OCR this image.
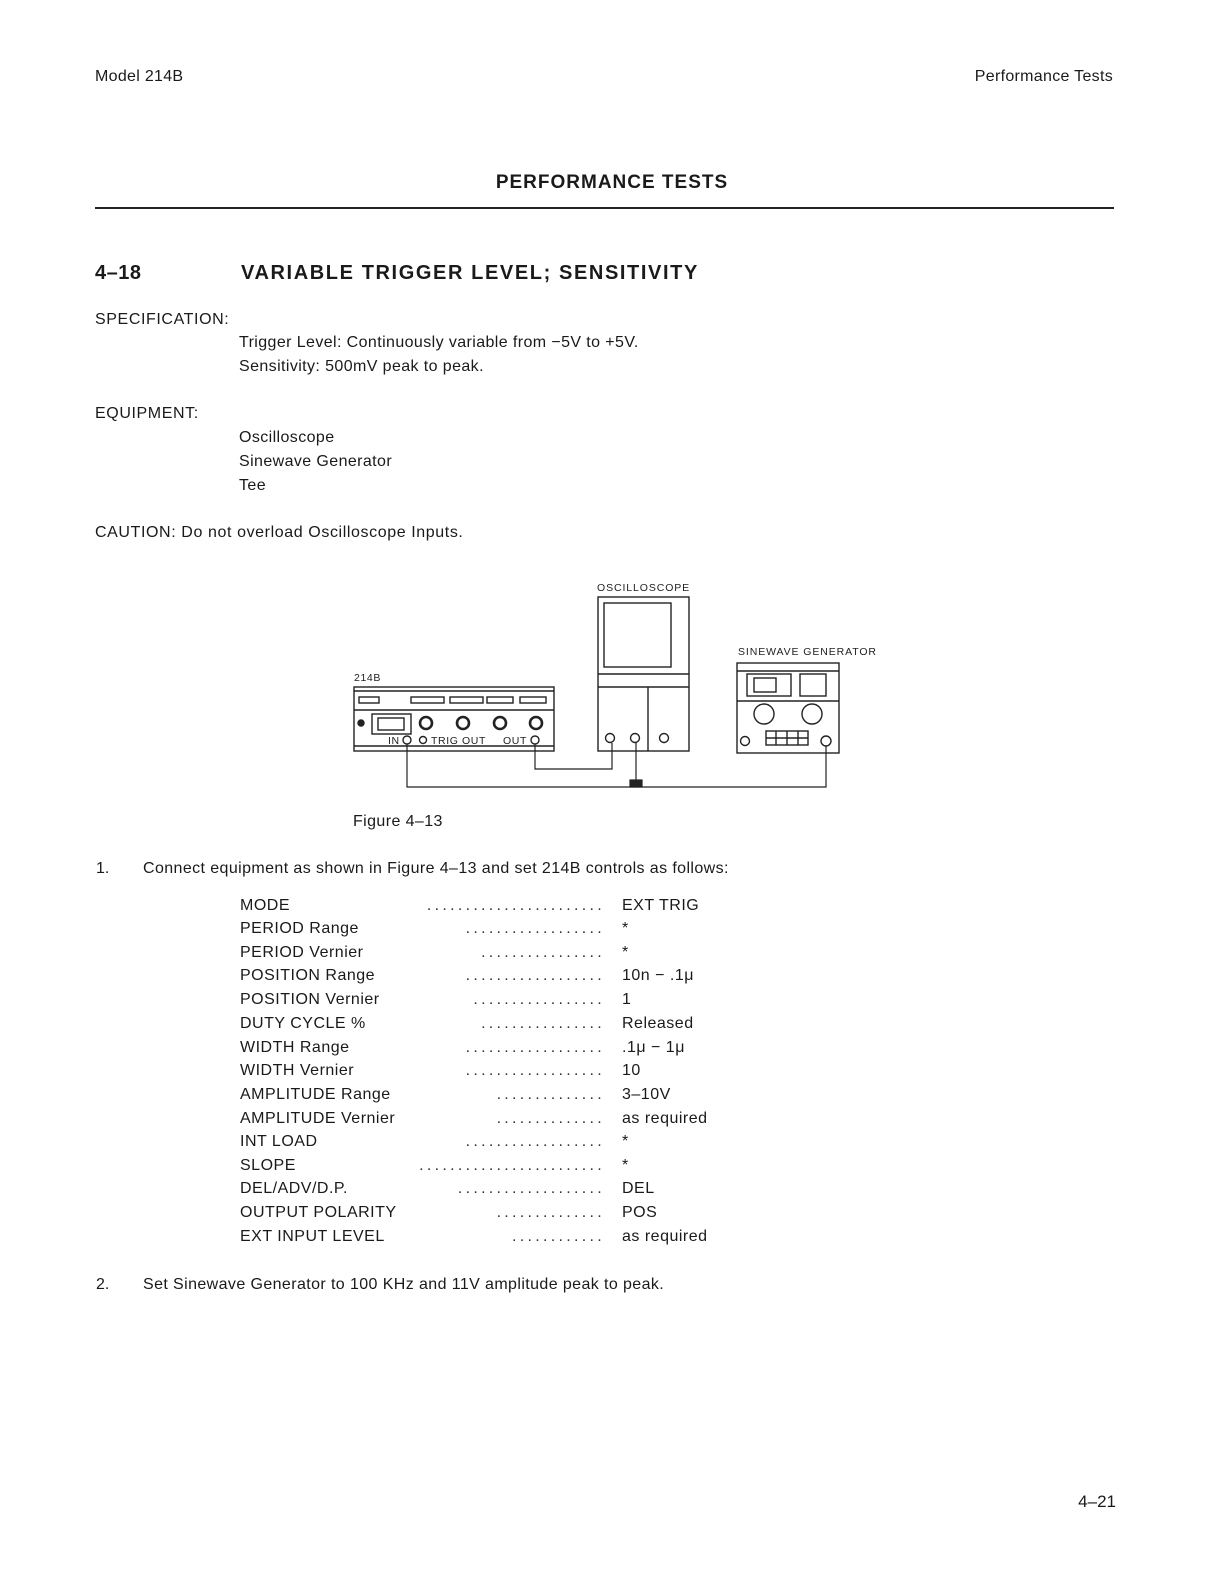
Model 214B	Performance Tests
PERFORMANCE TESTS
4–18	VARIABLE TRIGGER LEVEL; SENSITIVITY
SPECIFICATION:
Trigger Level: Continuously variable from −5V to +5V.
Sensitivity: 500mV peak to peak.
EQUIPMENT:
Oscilloscope
Sinewave Generator
Tee
CAUTION: Do not overload Oscilloscope Inputs.
OSCILLOSCOPE
SINEWAVE GENERATOR
214B
IN	TRIG OUT OUT
Figure 4–13
1. Connect equipment as shown in Figure 4–13 and set 214B controls as follows:
MODE	....................... EXT TRIG
PERIOD Range	.................. *
PERIOD Vernier	................ *
POSITION Range	.................. 10n − .1μ
POSITION Vernier	................. 1
DUTY CYCLE %	................ Released
WIDTH Range	.................. .1μ − 1μ
WIDTH Vernier	.................. 10
AMPLITUDE Range	.............. 3–10V
AMPLITUDE Vernier	.............. as required
INT LOAD	.................. *
SLOPE	........................ *
DEL/ADV/D.P.	................... DEL
OUTPUT POLARITY	.............. POS
EXT INPUT LEVEL	............ as required
2. Set Sinewave Generator to 100 KHz and 11V amplitude peak to peak.
4–21
